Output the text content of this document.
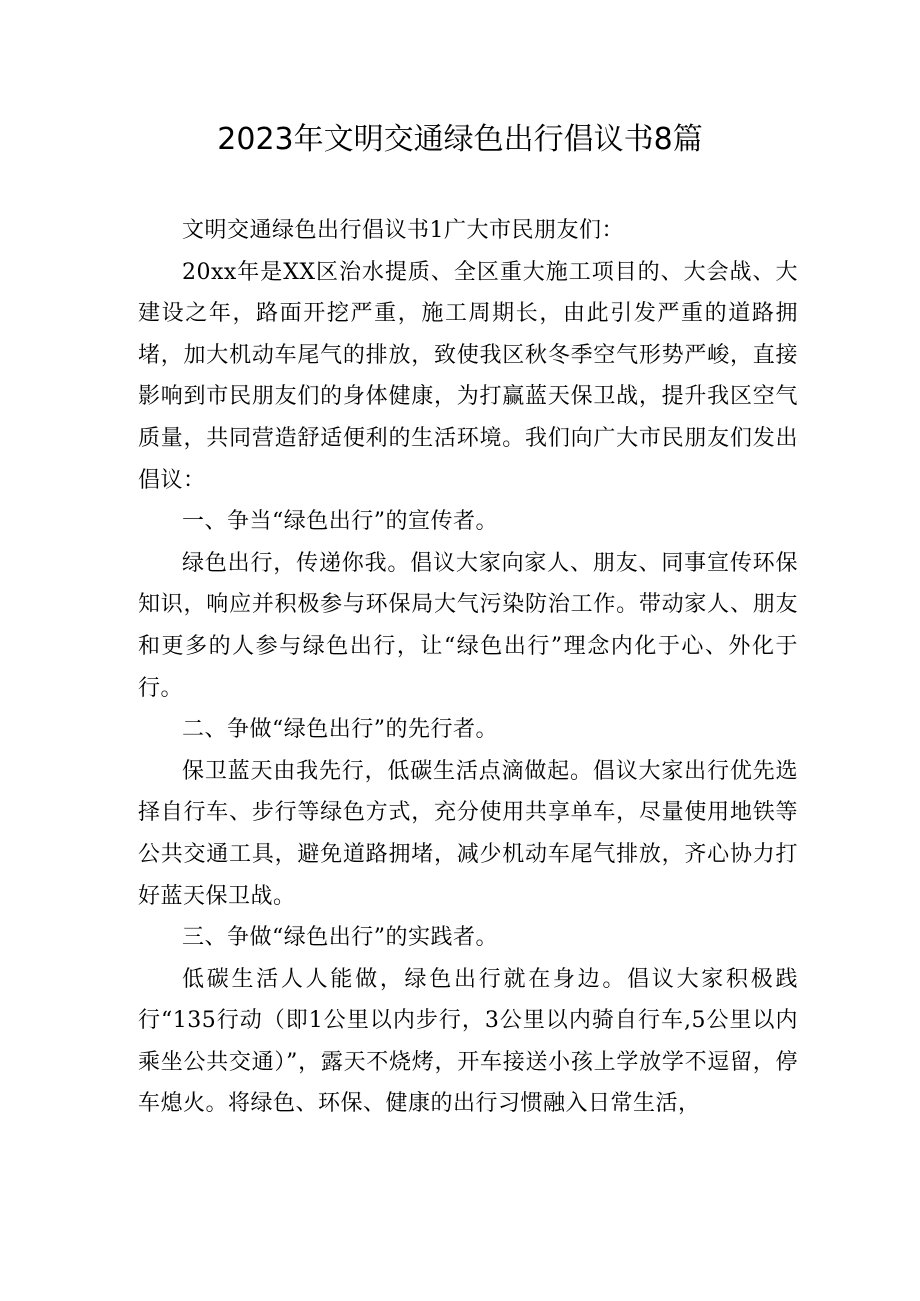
2023年文明交通绿色出行倡议书8篇

文明交通绿色出行倡议书1广大市民朋友们：

20xx年是XX区治水提质、全区重大施工项目的、大会战、大建设之年，路面开挖严重，施工周期长，由此引发严重的道路拥堵，加大机动车尾气的排放，致使我区秋冬季空气形势严峻，直接影响到市民朋友们的身体健康，为打赢蓝天保卫战，提升我区空气质量，共同营造舒适便利的生活环境。我们向广大市民朋友们发出倡议：

一、争当“绿色出行”的宣传者。

绿色出行，传递你我。倡议大家向家人、朋友、同事宣传环保知识，响应并积极参与环保局大气污染防治工作。带动家人、朋友和更多的人参与绿色出行，让“绿色出行”理念内化于心、外化于行。

二、争做“绿色出行”的先行者。

保卫蓝天由我先行，低碳生活点滴做起。倡议大家出行优先选择自行车、步行等绿色方式，充分使用共享单车，尽量使用地铁等公共交通工具，避免道路拥堵，减少机动车尾气排放，齐心协力打好蓝天保卫战。

三、争做“绿色出行”的实践者。

低碳生活人人能做，绿色出行就在身边。倡议大家积极践行“135行动（即1公里以内步行，3公里以内骑自行车,5公里以内乘坐公共交通）”，露天不烧烤，开车接送小孩上学放学不逗留，停车熄火。将绿色、环保、健康的出行习惯融入日常生活，
